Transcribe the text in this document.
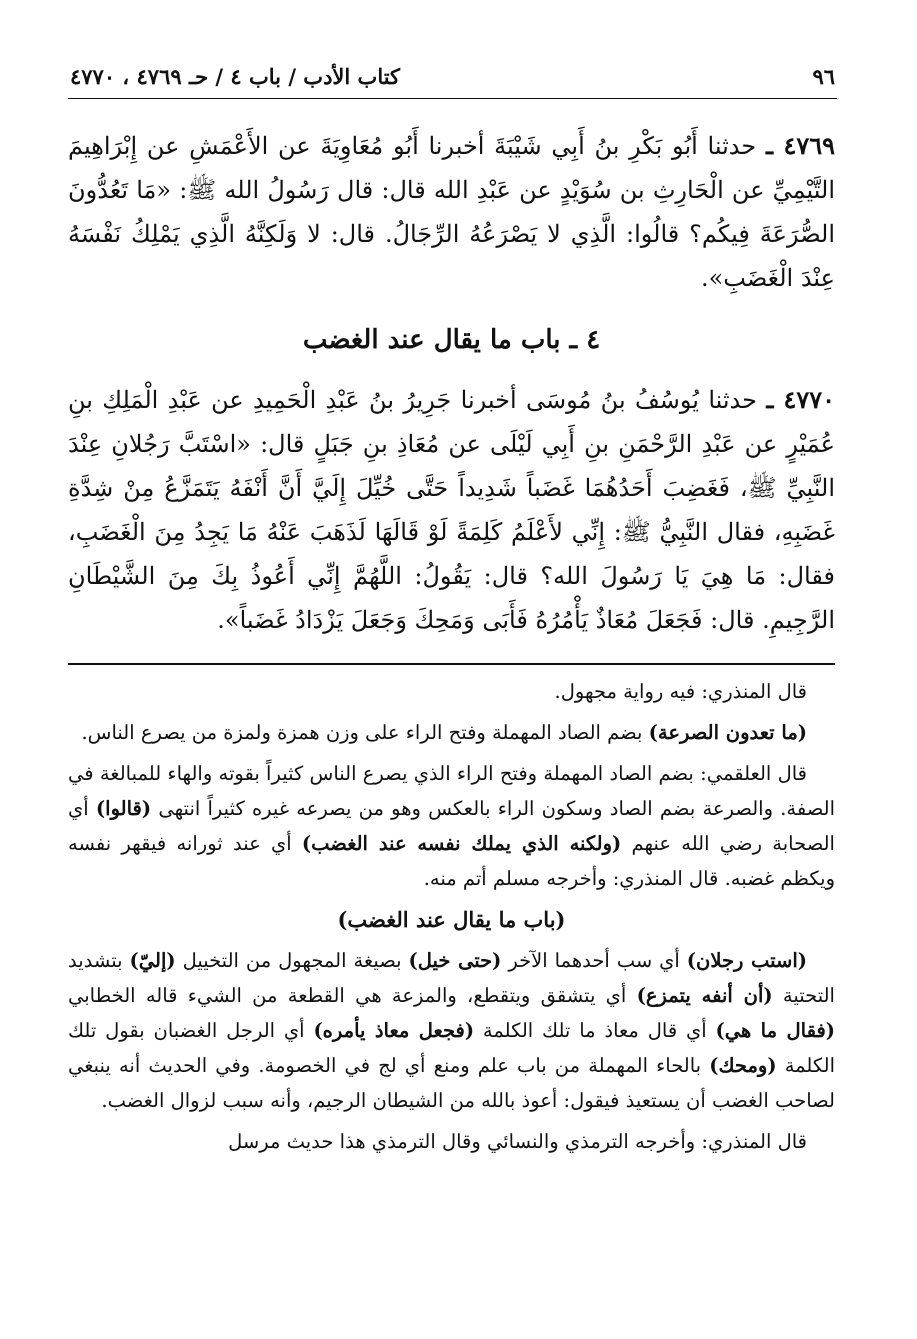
٩٦
كتاب الأدب / باب ٤ / حـ ٤٧٦٩ ، ٤٧٧٠
٤٧٦٩ ـ حدثنا أَبُو بَكْرِ بنُ أَبِي شَيْبَةَ أخبرنا أَبُو مُعَاوِيَةَ عن الأَعْمَشِ عن إِبْرَاهِيمَ التَّيْمِيِّ عن الْحَارِثِ بن سُوَيْدٍ عن عَبْدِ الله قال: قال رَسُولُ الله ﷺ: «مَا تَعُدُّونَ الصُّرَعَةَ فِيكُم؟ قالُوا: الَّذِي لا يَصْرَعُهُ الرِّجَالُ. قال: لا وَلَكِنَّهُ الَّذِي يَمْلِكُ نَفْسَهُ عِنْدَ الْغَضَبِ».
٤ ـ باب ما يقال عند الغضب
٤٧٧٠ ـ حدثنا يُوسُفُ بنُ مُوسَى أخبرنا جَرِيرُ بنُ عَبْدِ الْحَمِيدِ عن عَبْدِ الْمَلِكِ بنِ عُمَيْرٍ عن عَبْدِ الرَّحْمَنِ بنِ أَبِي لَيْلَى عن مُعَاذِ بنِ جَبَلٍ قال: «اسْتَبَّ رَجُلانِ عِنْدَ النَّبِيِّ ﷺ، فَغَضِبَ أَحَدُهُمَا غَضَباً شَدِيداً حَتَّى خُيِّلَ إِلَيَّ أَنَّ أَنْفَهُ يَتَمَزَّعُ مِنْ شِدَّةِ غَضَبِهِ، فقال النَّبِيُّ ﷺ: إِنِّي لأَعْلَمُ كَلِمَةً لَوْ قَالَهَا لَذَهَبَ عَنْهُ مَا يَجِدُ مِنَ الْغَضَبِ، فقال: مَا هِيَ يَا رَسُولَ الله؟ قال: يَقُولُ: اللَّهُمَّ إِنِّي أَعُوذُ بِكَ مِنَ الشَّيْطَانِ الرَّجِيمِ. قال: فَجَعَلَ مُعَاذٌ يَأْمُرُهُ فَأَبَى وَمَحِكَ وَجَعَلَ يَزْدَادُ غَضَباً».

قال المنذري: فيه رواية مجهول.

(ما تعدون الصرعة) بضم الصاد المهملة وفتح الراء على وزن همزة ولمزة من يصرع الناس.

قال العلقمي: بضم الصاد المهملة وفتح الراء الذي يصرع الناس كثيراً بقوته والهاء للمبالغة في الصفة. والصرعة بضم الصاد وسكون الراء بالعكس وهو من يصرعه غيره كثيراً انتهى (قالوا) أي الصحابة رضي الله عنهم (ولكنه الذي يملك نفسه عند الغضب) أي عند ثورانه فيقهر نفسه ويكظم غضبه. قال المنذري: وأخرجه مسلم أتم منه.

(باب ما يقال عند الغضب)

(استب رجلان) أي سب أحدهما الآخر (حتى خيل) بصيغة المجهول من التخييل (إليّ) بتشديد التحتية (أن أنفه يتمزع) أي يتشقق ويتقطع، والمزعة هي القطعة من الشيء قاله الخطابي (فقال ما هي) أي قال معاذ ما تلك الكلمة (فجعل معاذ يأمره) أي الرجل الغضبان بقول تلك الكلمة (ومحك) بالحاء المهملة من باب علم ومنع أي لج في الخصومة. وفي الحديث أنه ينبغي لصاحب الغضب أن يستعيذ فيقول: أعوذ بالله من الشيطان الرجيم، وأنه سبب لزوال الغضب.

قال المنذري: وأخرجه الترمذي والنسائي وقال الترمذي هذا حديث مرسل
